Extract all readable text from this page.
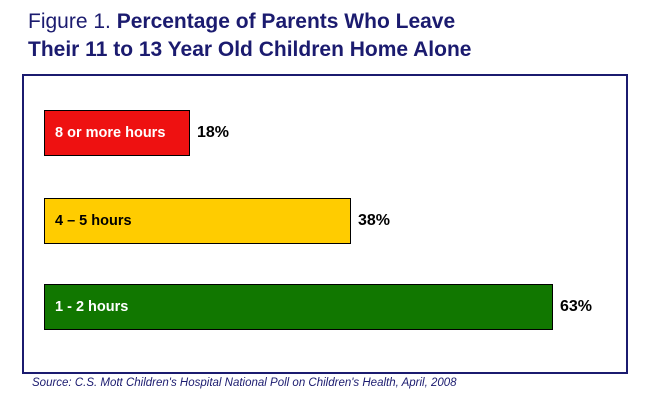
Figure 1. Percentage of Parents Who Leave
Their 11 to 13 Year Old Children Home Alone
8 or more hours 18%
4 – 5 hours	38%
1 - 2 hours	63%
Source: C.S. Mott Children's Hospital National Poll on Children's Health, April, 2008
